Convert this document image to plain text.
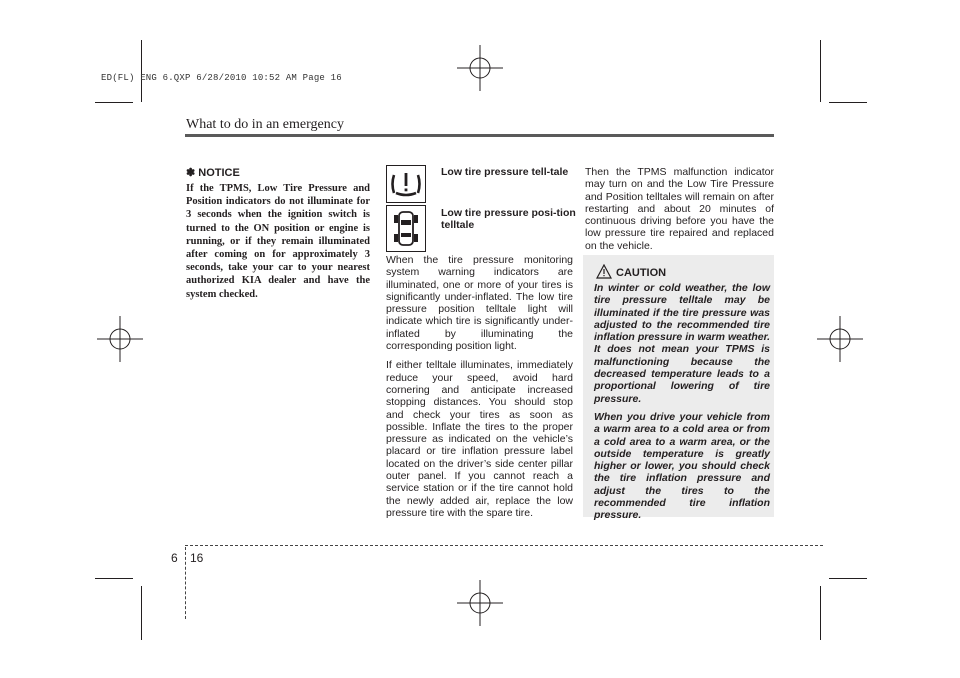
ED(FL) ENG 6.QXP 6/28/2010 10:52 AM Page 16
What to do in an emergency
✽ NOTICE
If the TPMS, Low Tire Pressure and Position indicators do not illuminate for 3 seconds when the ignition switch is turned to the ON position or engine is running, or if they remain illuminated after coming on for approximately 3 seconds, take your car to your nearest authorized KIA dealer and have the system checked.
Low tire pressure tell-tale
Low tire pressure posi-tion telltale

When the tire pressure monitoring system warning indicators are illuminated, one or more of your tires is significantly under-inflated. The low tire pressure position telltale light will indicate which tire is significantly under-inflated by illuminating the corresponding position light.

If either telltale illuminates, immediately reduce your speed, avoid hard cornering and anticipate increased stopping distances. You should stop and check your tires as soon as possible. Inflate the tires to the proper pressure as indicated on the vehicle’s placard or tire inflation pressure label located on the driver’s side center pillar outer panel. If you cannot reach a service station or if the tire cannot hold the newly added air, replace the low pressure tire with the spare tire.

Then the TPMS malfunction indicator may turn on and the Low Tire Pressure and Position telltales will remain on after restarting and about 20 minutes of continuous driving before you have the low pressure tire repaired and replaced on the vehicle.

CAUTION

In winter or cold weather, the low tire pressure telltale may be illuminated if the tire pressure was adjusted to the recommended tire inflation pressure in warm weather. It does not mean your TPMS is malfunctioning because the decreased temperature leads to a proportional lowering of tire pressure.

When you drive your vehicle from a warm area to a cold area or from a cold area to a warm area, or the outside temperature is greatly higher or lower, you should check the tire inflation pressure and adjust the tires to the recommended tire inflation pressure.

6 16
